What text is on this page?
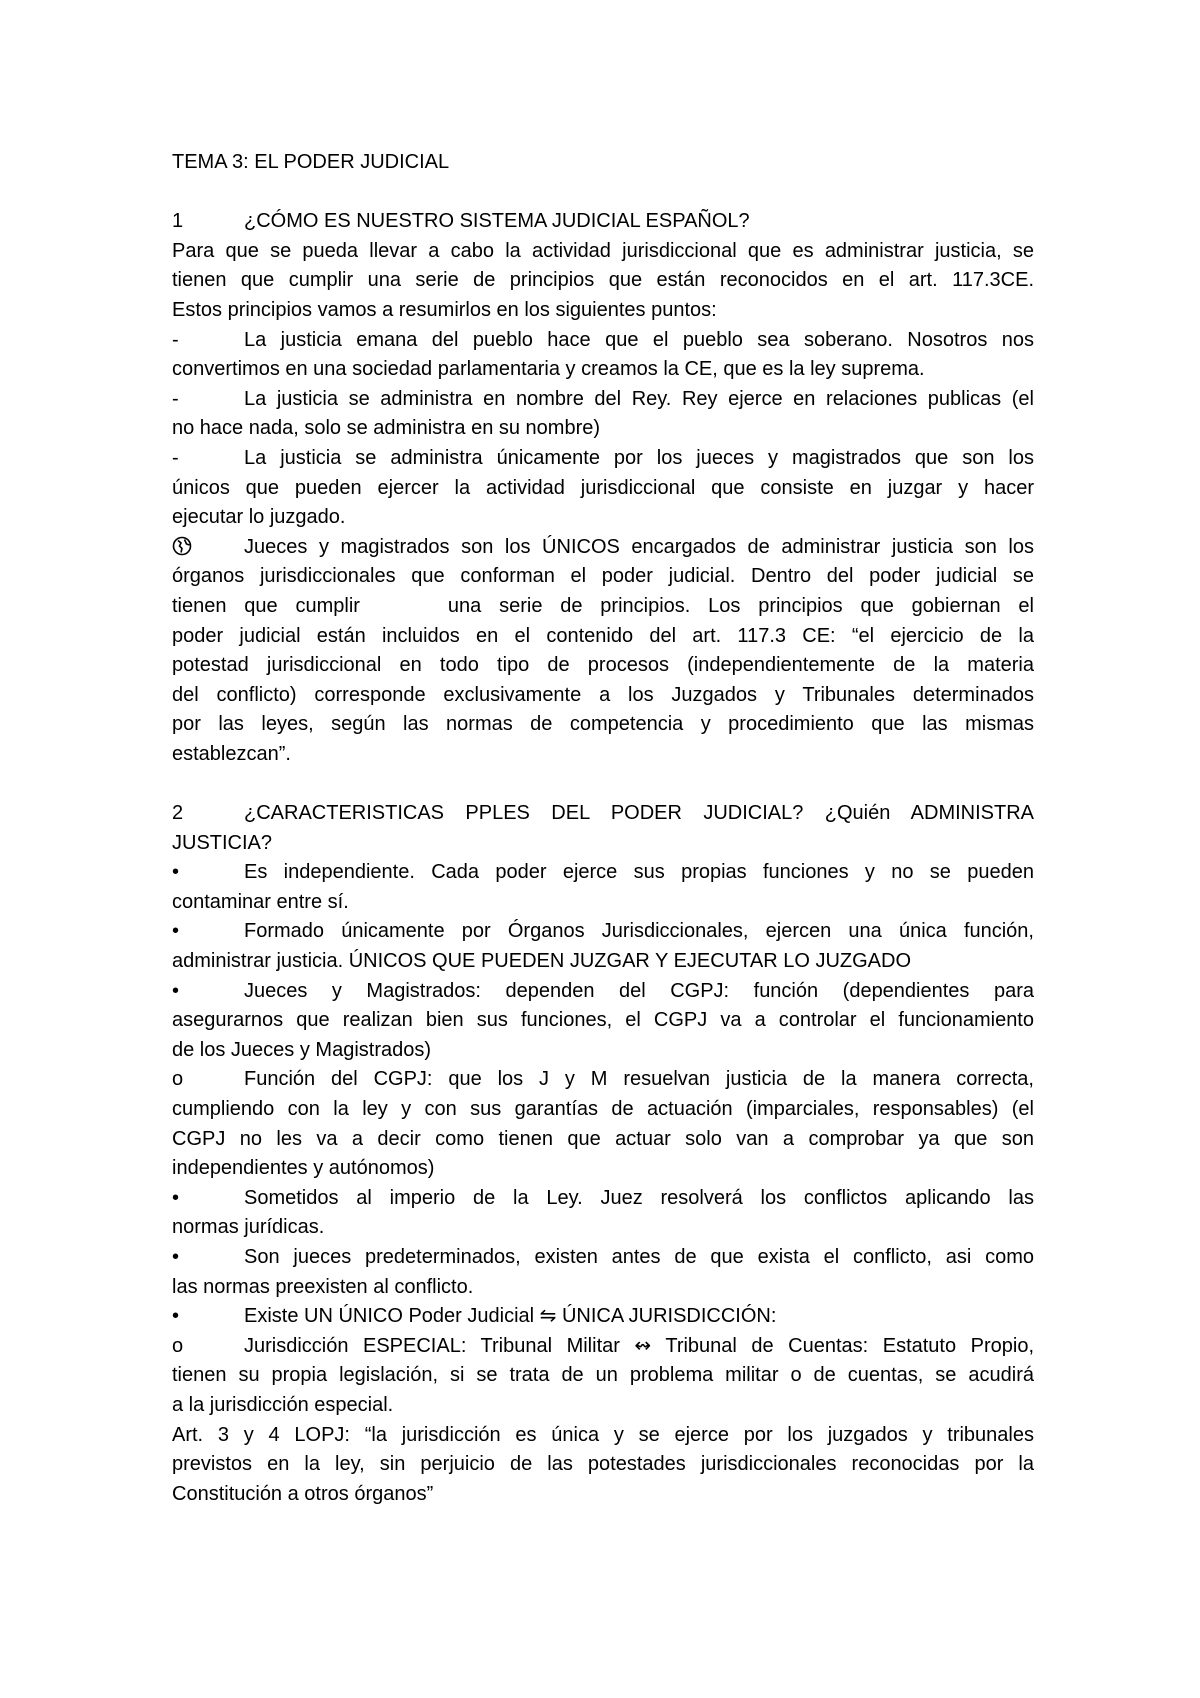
TEMA 3: EL PODER JUDICIAL
1	¿CÓMO ES NUESTRO SISTEMA JUDICIAL ESPAÑOL?
Para que se pueda llevar a cabo la actividad jurisdiccional que es administrar justicia, se
tienen que cumplir una serie de principios que están reconocidos en el art. 117.3CE.
Estos principios vamos a resumirlos en los siguientes puntos:
-	La justicia emana del pueblo hace que el pueblo sea soberano. Nosotros nos
convertimos en una sociedad parlamentaria y creamos la CE, que es la ley suprema.
-	La justicia se administra en nombre del Rey. Rey ejerce en relaciones publicas (el
no hace nada, solo se administra en su nombre)
-	La justicia se administra únicamente por los jueces y magistrados que son los
únicos que pueden ejercer la actividad jurisdiccional que consiste en juzgar y hacer
ejecutar lo juzgado.
Jueces y magistrados son los ÚNICOS encargados de administrar justicia son los
órganos jurisdiccionales que conforman el poder judicial. Dentro del poder judicial se
tienen que cumplir	una serie de principios. Los principios que gobiernan el
poder judicial están incluidos en el contenido del art. 117.3 CE: “el ejercicio de la
potestad jurisdiccional en todo tipo de procesos (independientemente de la materia
del conflicto) corresponde exclusivamente a los Juzgados y Tribunales determinados
por las leyes, según las normas de competencia y procedimiento que las mismas
establezcan”.
2	¿CARACTERISTICAS PPLES DEL PODER JUDICIAL? ¿Quién ADMINISTRA
JUSTICIA?
•	Es independiente. Cada poder ejerce sus propias funciones y no se pueden
contaminar entre sí.
•	Formado únicamente por Órganos Jurisdiccionales, ejercen una única función,
administrar justicia. ÚNICOS QUE PUEDEN JUZGAR Y EJECUTAR LO JUZGADO
•	Jueces y Magistrados: dependen del CGPJ: función (dependientes para
asegurarnos que realizan bien sus funciones, el CGPJ va a controlar el funcionamiento
de los Jueces y Magistrados)
o	Función del CGPJ: que los J y M resuelvan justicia de la manera correcta,
cumpliendo con la ley y con sus garantías de actuación (imparciales, responsables) (el
CGPJ no les va a decir como tienen que actuar solo van a comprobar ya que son
independientes y autónomos)
•	Sometidos al imperio de la Ley. Juez resolverá los conflictos aplicando las
normas jurídicas.
•	Son jueces predeterminados, existen antes de que exista el conflicto, asi como
las normas preexisten al conflicto.
•	Existe UN ÚNICO Poder Judicial ⇋ ÚNICA JURISDICCIÓN:
o	Jurisdicción ESPECIAL: Tribunal Militar ↭ Tribunal de Cuentas: Estatuto Propio,
tienen su propia legislación, si se trata de un problema militar o de cuentas, se acudirá
a la jurisdicción especial.
Art. 3 y 4 LOPJ: “la jurisdicción es única y se ejerce por los juzgados y tribunales
previstos en la ley, sin perjuicio de las potestades jurisdiccionales reconocidas por la
Constitución a otros órganos”
